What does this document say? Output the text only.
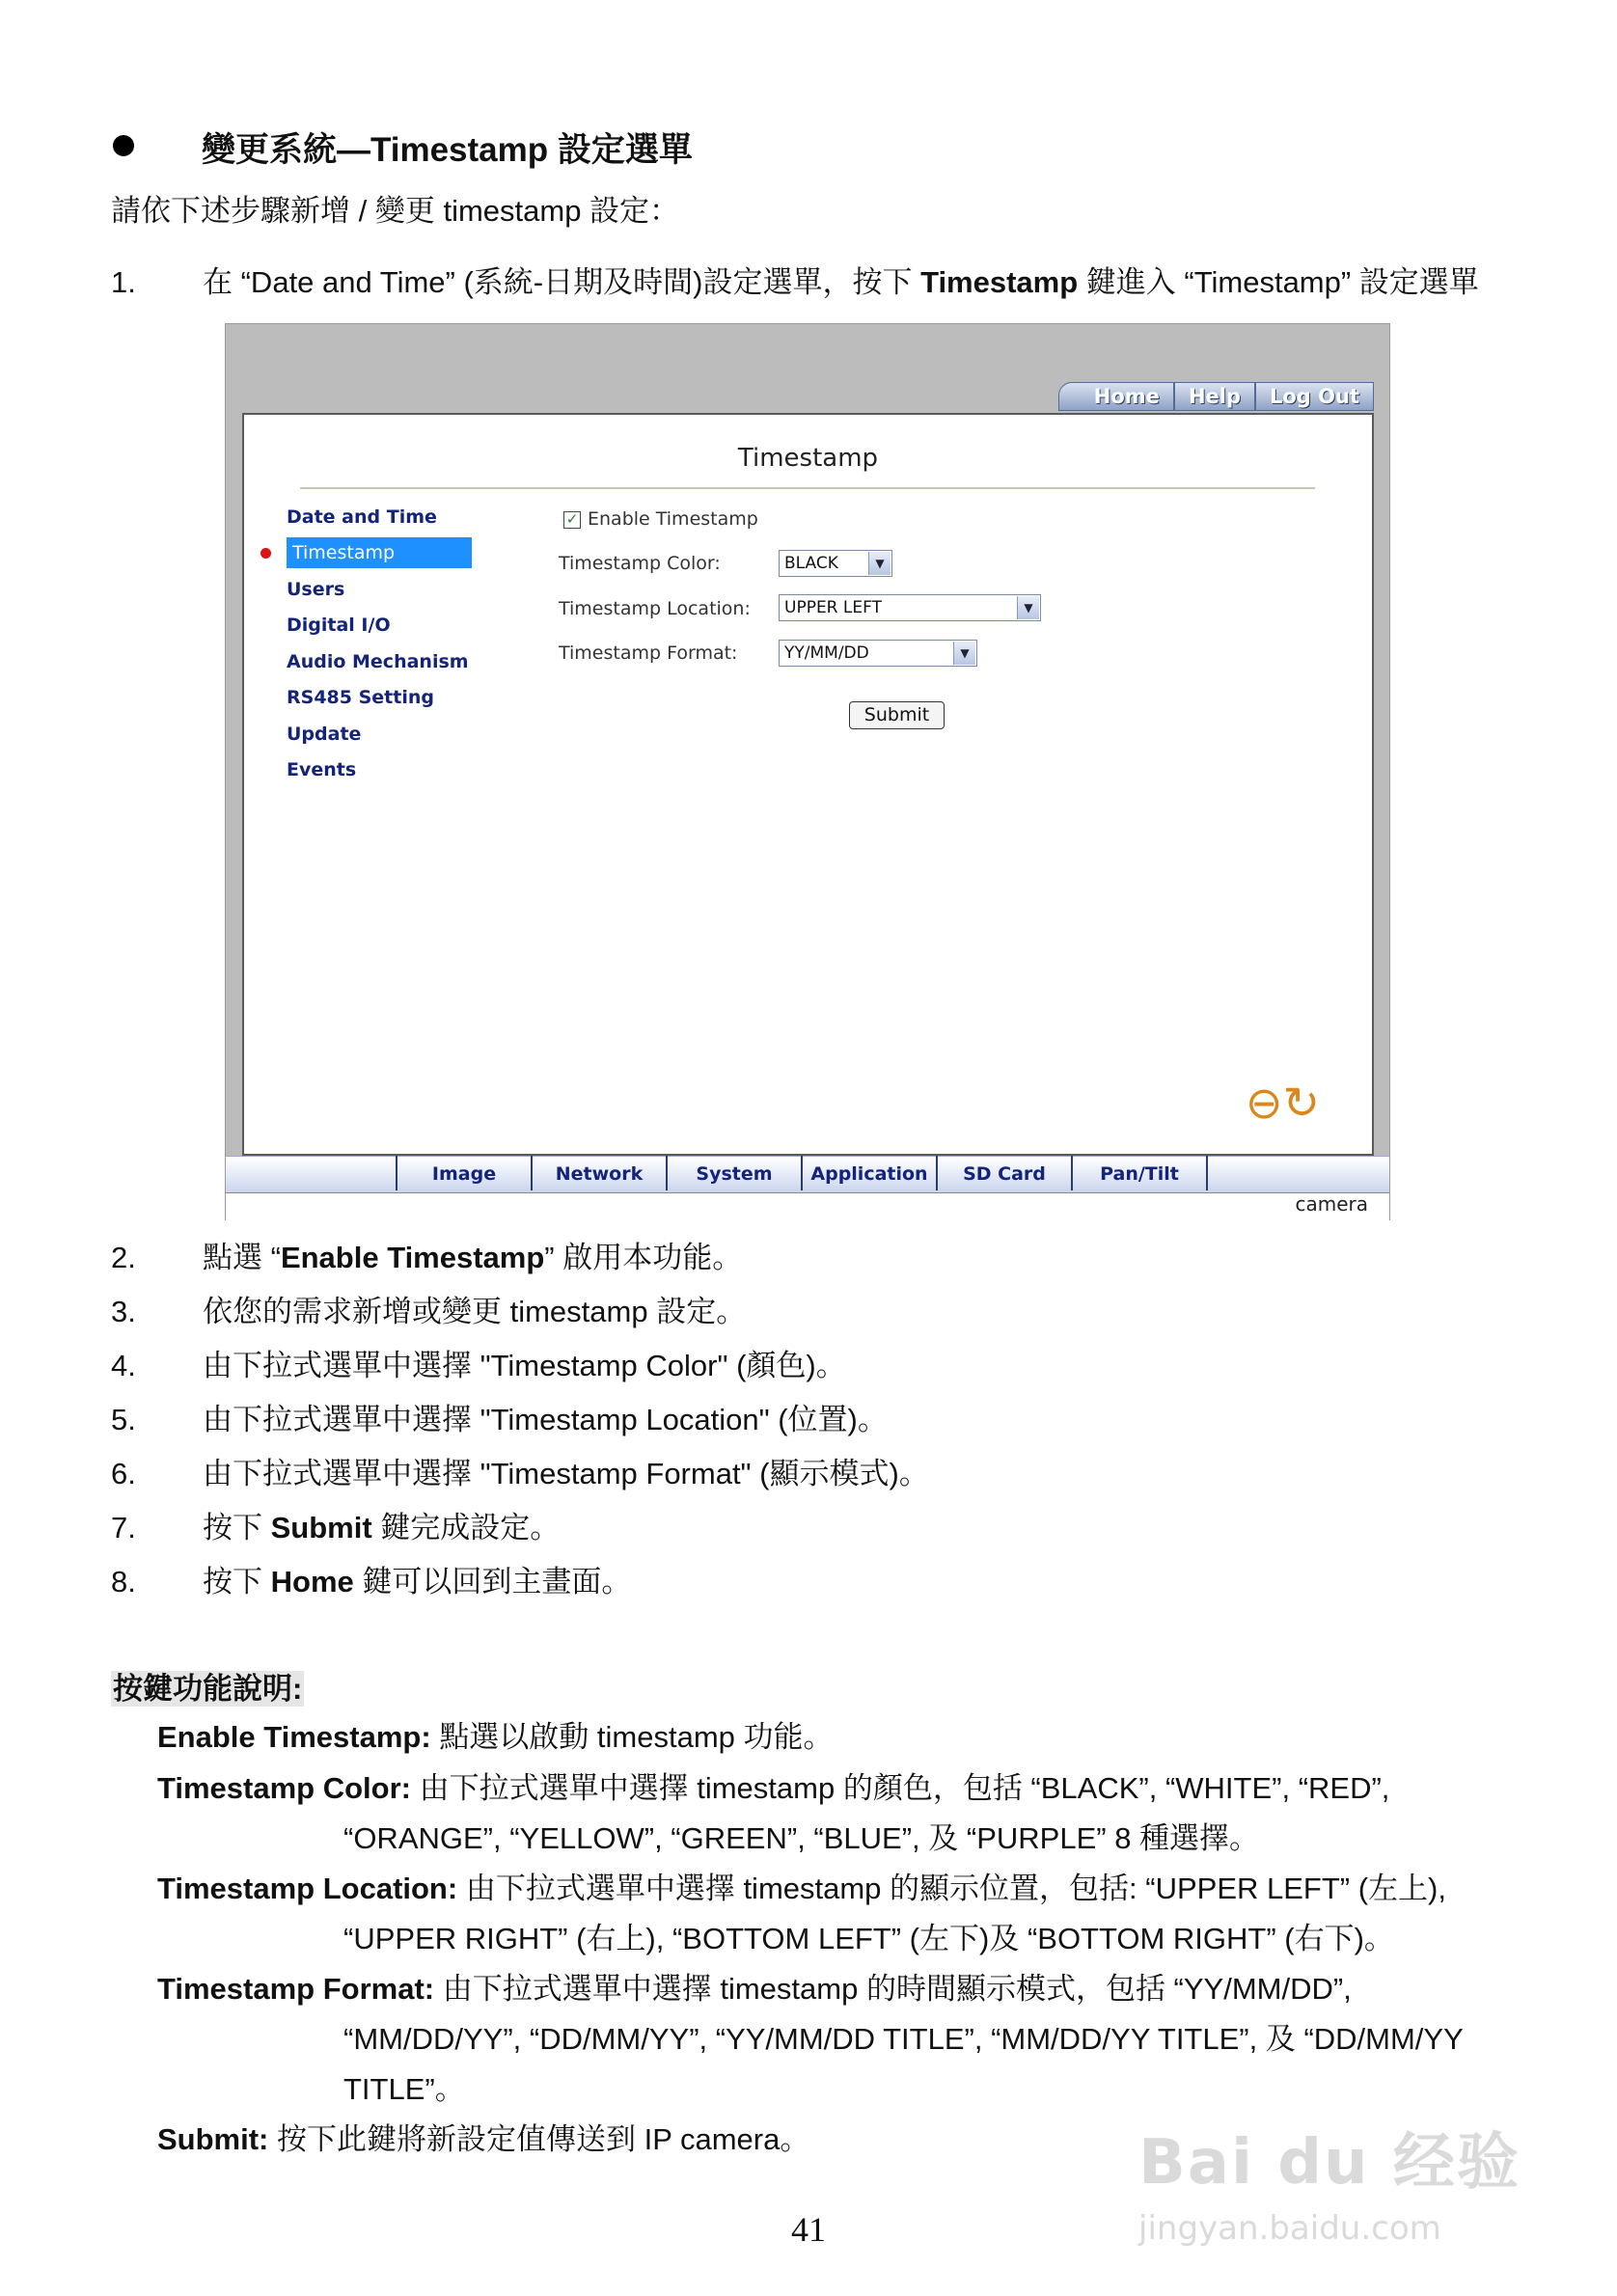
變更系統—Timestamp 設定選單
請依下述步驟新增 / 變更 timestamp 設定：
1. 在 “Date and Time” (系統-日期及時間)設定選單，按下 Timestamp 鍵進入 “Timestamp” 設定選單
Home	Help	Log Out
Timestamp
Date and Time
Timestamp
Users
Digital I/O
Audio Mechanism
RS485 Setting
Update
Events
✓ Enable Timestamp
Timestamp Color:	BLACK	▼
Timestamp Location:	UPPER LEFT	▼
Timestamp Format:	YY/MM/DD	▼
Submit
⊖↻
Image	Network	System	Application	SD Card	Pan/Tilt
camera
2. 點選 “Enable Timestamp” 啟用本功能。
3. 依您的需求新增或變更 timestamp 設定。
4. 由下拉式選單中選擇 "Timestamp Color" (顏色)。
5. 由下拉式選單中選擇 "Timestamp Location" (位置)。
6. 由下拉式選單中選擇 "Timestamp Format" (顯示模式)。
7. 按下 Submit 鍵完成設定。
8. 按下 Home 鍵可以回到主畫面。
按鍵功能說明:
Enable Timestamp: 點選以啟動 timestamp 功能。
Timestamp Color: 由下拉式選單中選擇 timestamp 的顏色，包括 “BLACK”, “WHITE”, “RED”,
“ORANGE”, “YELLOW”, “GREEN”, “BLUE”, 及 “PURPLE” 8 種選擇。
Timestamp Location: 由下拉式選單中選擇 timestamp 的顯示位置，包括: “UPPER LEFT” (左上),
“UPPER RIGHT” (右上), “BOTTOM LEFT” (左下)及 “BOTTOM RIGHT” (右下)。
Timestamp Format: 由下拉式選單中選擇 timestamp 的時間顯示模式，包括 “YY/MM/DD”,
“MM/DD/YY”, “DD/MM/YY”, “YY/MM/DD TITLE”, “MM/DD/YY TITLE”, 及 “DD/MM/YY
TITLE”。
Submit: 按下此鍵將新設定值傳送到 IP camera。	Bai du 经验
jingyan.baidu.com
41
